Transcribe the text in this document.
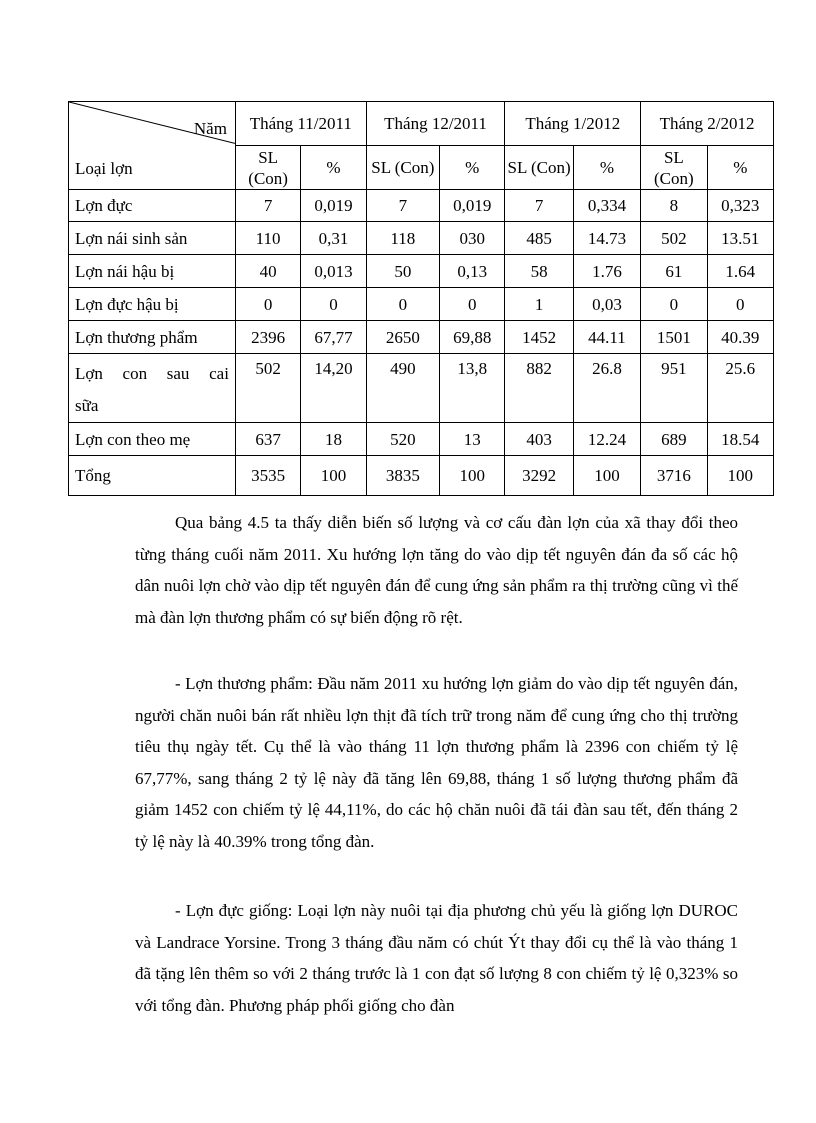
Năm
Loại lợn	Tháng 11/2011		Tháng 12/2011		Tháng 1/2012		Tháng 2/2012	
	SL (Con)	%	SL (Con)	%	SL (Con)	%	SL (Con)	%
Lợn đực	7	0,019	7	0,019	7	0,334	8	0,323
Lợn nái sinh sản	110	0,31	118	030	485	14.73	502	13.51
Lợn nái hậu bị	40	0,013	50	0,13	58	1.76	61	1.64
Lợn đực hậu bị	0	0	0	0	1	0,03	0	0
Lợn thương phẩm	2396	67,77	2650	69,88	1452	44.11	1501	40.39

Lợn con sau cai
sữa	502	14,20	490	13,8	882	26.8	951	25.6
Lợn con theo mẹ	637	18	520	13	403	12.24	689	18.54
Tổng	3535	100	3835	100	3292	100	3716	100

Qua bảng 4.5 ta thấy diễn biến số lượng và cơ cấu đàn lợn của xã thay đổi theo từng tháng cuối năm 2011. Xu hướng lợn tăng do vào dịp tết nguyên đán đa số các hộ dân nuôi lợn chờ vào dịp tết nguyên đán để cung ứng sản phẩm ra thị trường cũng vì thế mà đàn lợn thương phẩm có sự biến động rõ rệt.

- Lợn thương phẩm: Đầu năm 2011 xu hướng lợn giảm do vào dịp tết nguyên đán, người chăn nuôi bán rất nhiều lợn thịt đã tích trữ trong năm để cung ứng cho thị trường tiêu thụ ngày tết. Cụ thể là vào tháng 11 lợn thương phẩm là 2396 con chiếm tỷ lệ 67,77%, sang tháng 2 tỷ lệ này đã tăng lên 69,88, tháng 1 số lượng thương phẩm đã giảm 1452 con chiếm tỷ lệ 44,11%, do các hộ chăn nuôi đã tái đàn sau tết, đến tháng 2 tỷ lệ này là 40.39% trong tổng đàn.

- Lợn đực giống: Loại lợn này nuôi tại địa phương chủ yếu là giống lợn DUROC và Landrace Yorsine. Trong 3 tháng đầu năm có chút Ýt thay đổi cụ thể là vào tháng 1 đã tặng lên thêm so với 2 tháng trước là 1 con đạt số lượng 8 con chiếm tỷ lệ 0,323% so với tổng đàn. Phương pháp phối giống cho đàn
